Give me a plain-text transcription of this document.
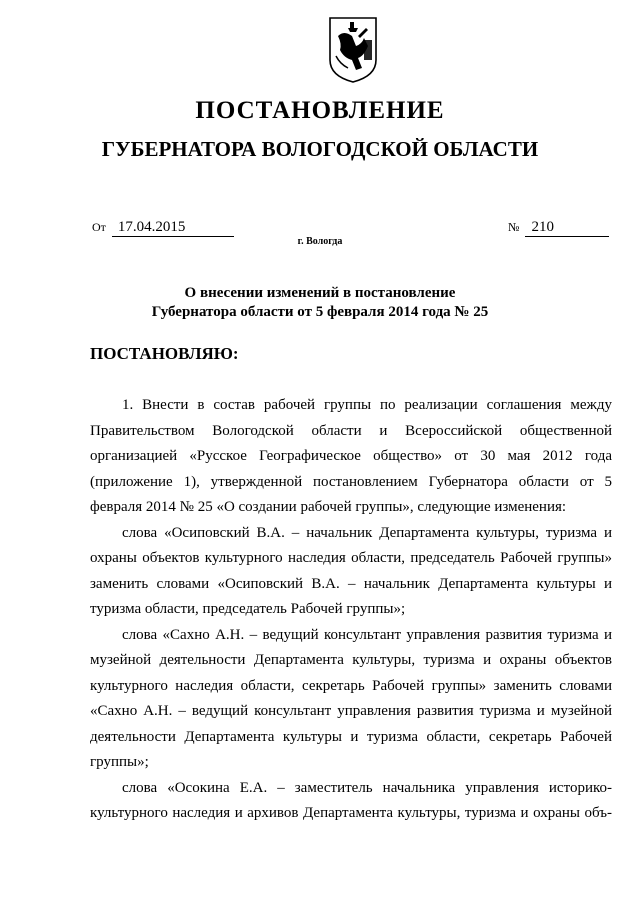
ПОСТАНОВЛЕНИЕ
ГУБЕРНАТОРА ВОЛОГОДСКОЙ ОБЛАСТИ
От 17.04.2015	№ 210

г. Вологда

О внесении изменений в постановление
Губернатора области от 5 февраля 2014 года № 25

ПОСТАНОВЛЯЮ:

1. Внести в состав рабочей группы по реализации соглашения между Правительством Вологодской области и Всероссийской общественной организацией «Русское Географическое общество» от 30 мая 2012 года (приложение 1), утвержденной постановлением Губернатора области от 5 февраля 2014 № 25 «О создании рабочей группы», следующие изменения:

слова «Осиповский В.А. – начальник Департамента культуры, туризма и охраны объектов культурного наследия области, председатель Рабочей группы» заменить словами «Осиповский В.А. – начальник Департамента культуры и туризма области, председатель Рабочей группы»;

слова «Сахно А.Н. – ведущий консультант управления развития туризма и музейной деятельности Департамента культуры, туризма и охраны объектов культурного наследия области, секретарь Рабочей группы» заменить словами «Сахно А.Н. – ведущий консультант управления развития туризма и музейной деятельности Департамента культуры и туризма области, секретарь Рабочей группы»;

слова «Осокина Е.А. – заместитель начальника управления историко-культурного наследия и архивов Департамента культуры, туризма и охраны объ-
